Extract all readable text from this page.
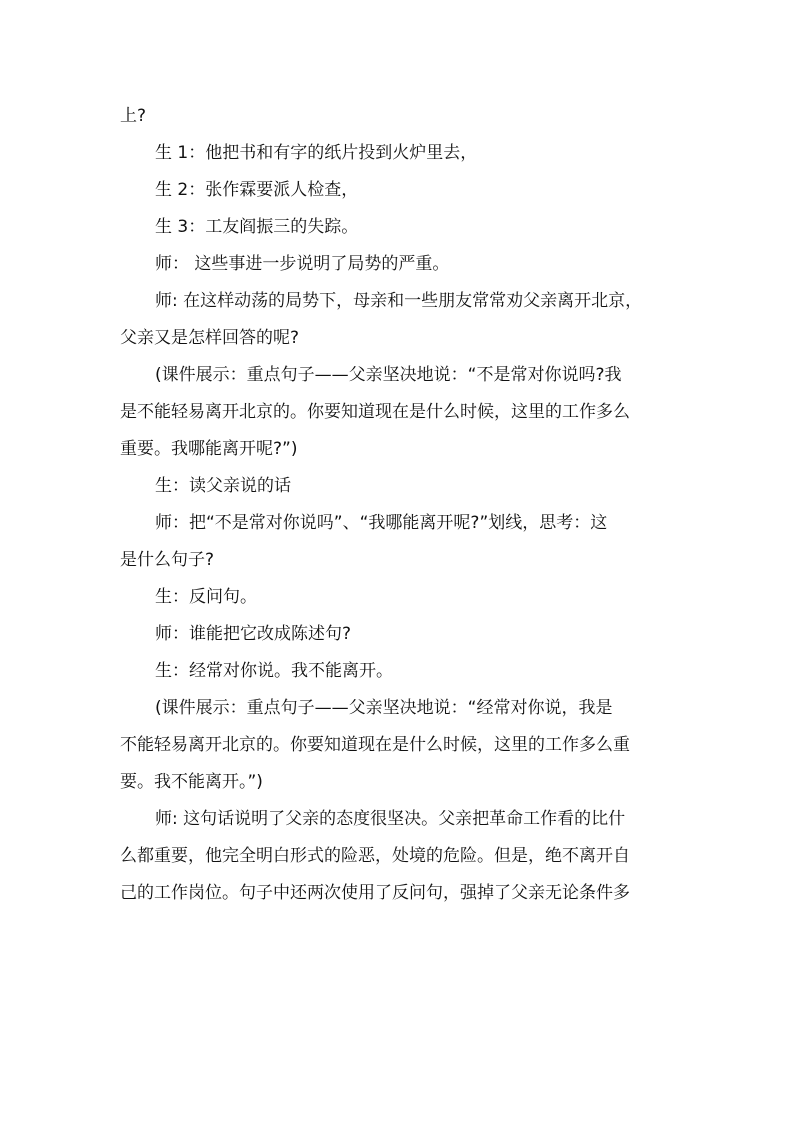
上?
生 1：他把书和有字的纸片投到火炉里去，
生 2：张作霖要派人检查，
生 3：工友阎振三的失踪。
师： 这些事进一步说明了局势的严重。
师: 在这样动荡的局势下，母亲和一些朋友常常劝父亲离开北京，
父亲又是怎样回答的呢?
(课件展示：重点句子——父亲坚决地说：“不是常对你说吗?我
是不能轻易离开北京的。你要知道现在是什么时候，这里的工作多么
重要。我哪能离开呢?”)
生：读父亲说的话
师：把“不是常对你说吗”、“我哪能离开呢?”划线，思考：这
是什么句子?
生：反问句。
师：谁能把它改成陈述句?
生：经常对你说。我不能离开。
(课件展示：重点句子——父亲坚决地说：“经常对你说，我是
不能轻易离开北京的。你要知道现在是什么时候，这里的工作多么重
要。我不能离开。”)
师: 这句话说明了父亲的态度很坚决。父亲把革命工作看的比什
么都重要，他完全明白形式的险恶，处境的危险。但是，绝不离开自
己的工作岗位。句子中还两次使用了反问句，强掉了父亲无论条件多
